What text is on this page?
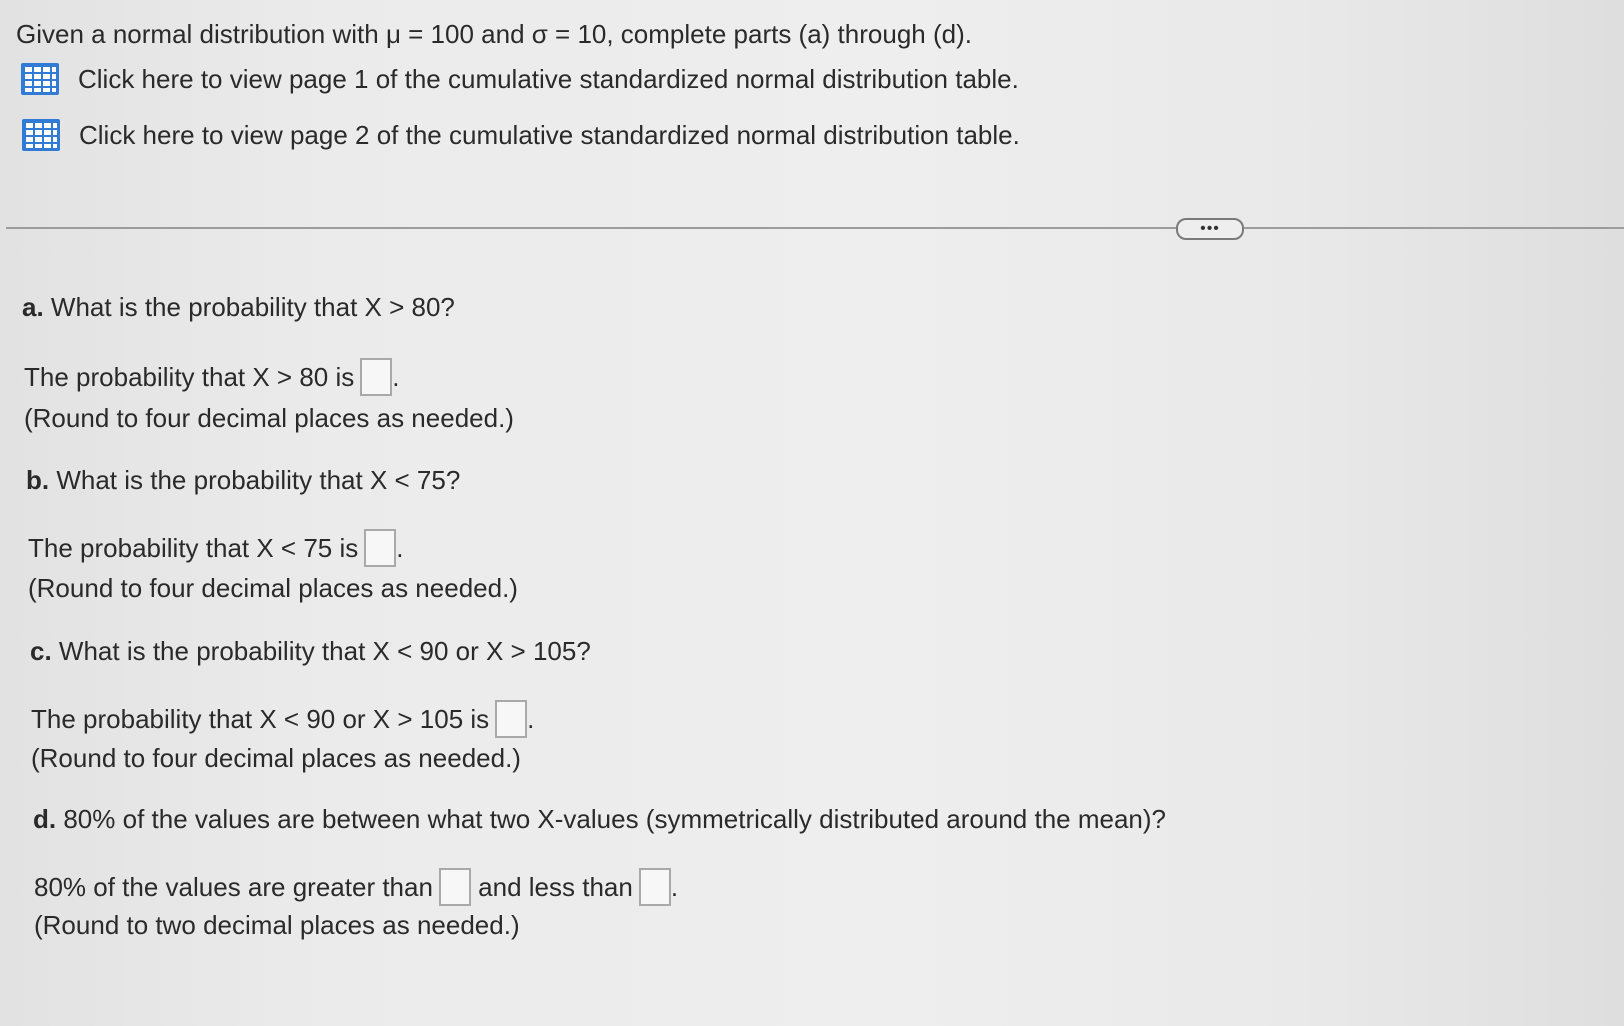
Given a normal distribution with μ = 100 and σ = 10, complete parts (a) through (d).
Click here to view page 1 of the cumulative standardized normal distribution table.
Click here to view page 2 of the cumulative standardized normal distribution table.
•••
a. What is the probability that X > 80?
The probability that X > 80 is .
(Round to four decimal places as needed.)
b. What is the probability that X < 75?
The probability that X < 75 is .
(Round to four decimal places as needed.)
c. What is the probability that X < 90 or X > 105?
The probability that X < 90 or X > 105 is .
(Round to four decimal places as needed.)
d. 80% of the values are between what two X-values (symmetrically distributed around the mean)?
80% of the values are greater than and less than .
(Round to two decimal places as needed.)
